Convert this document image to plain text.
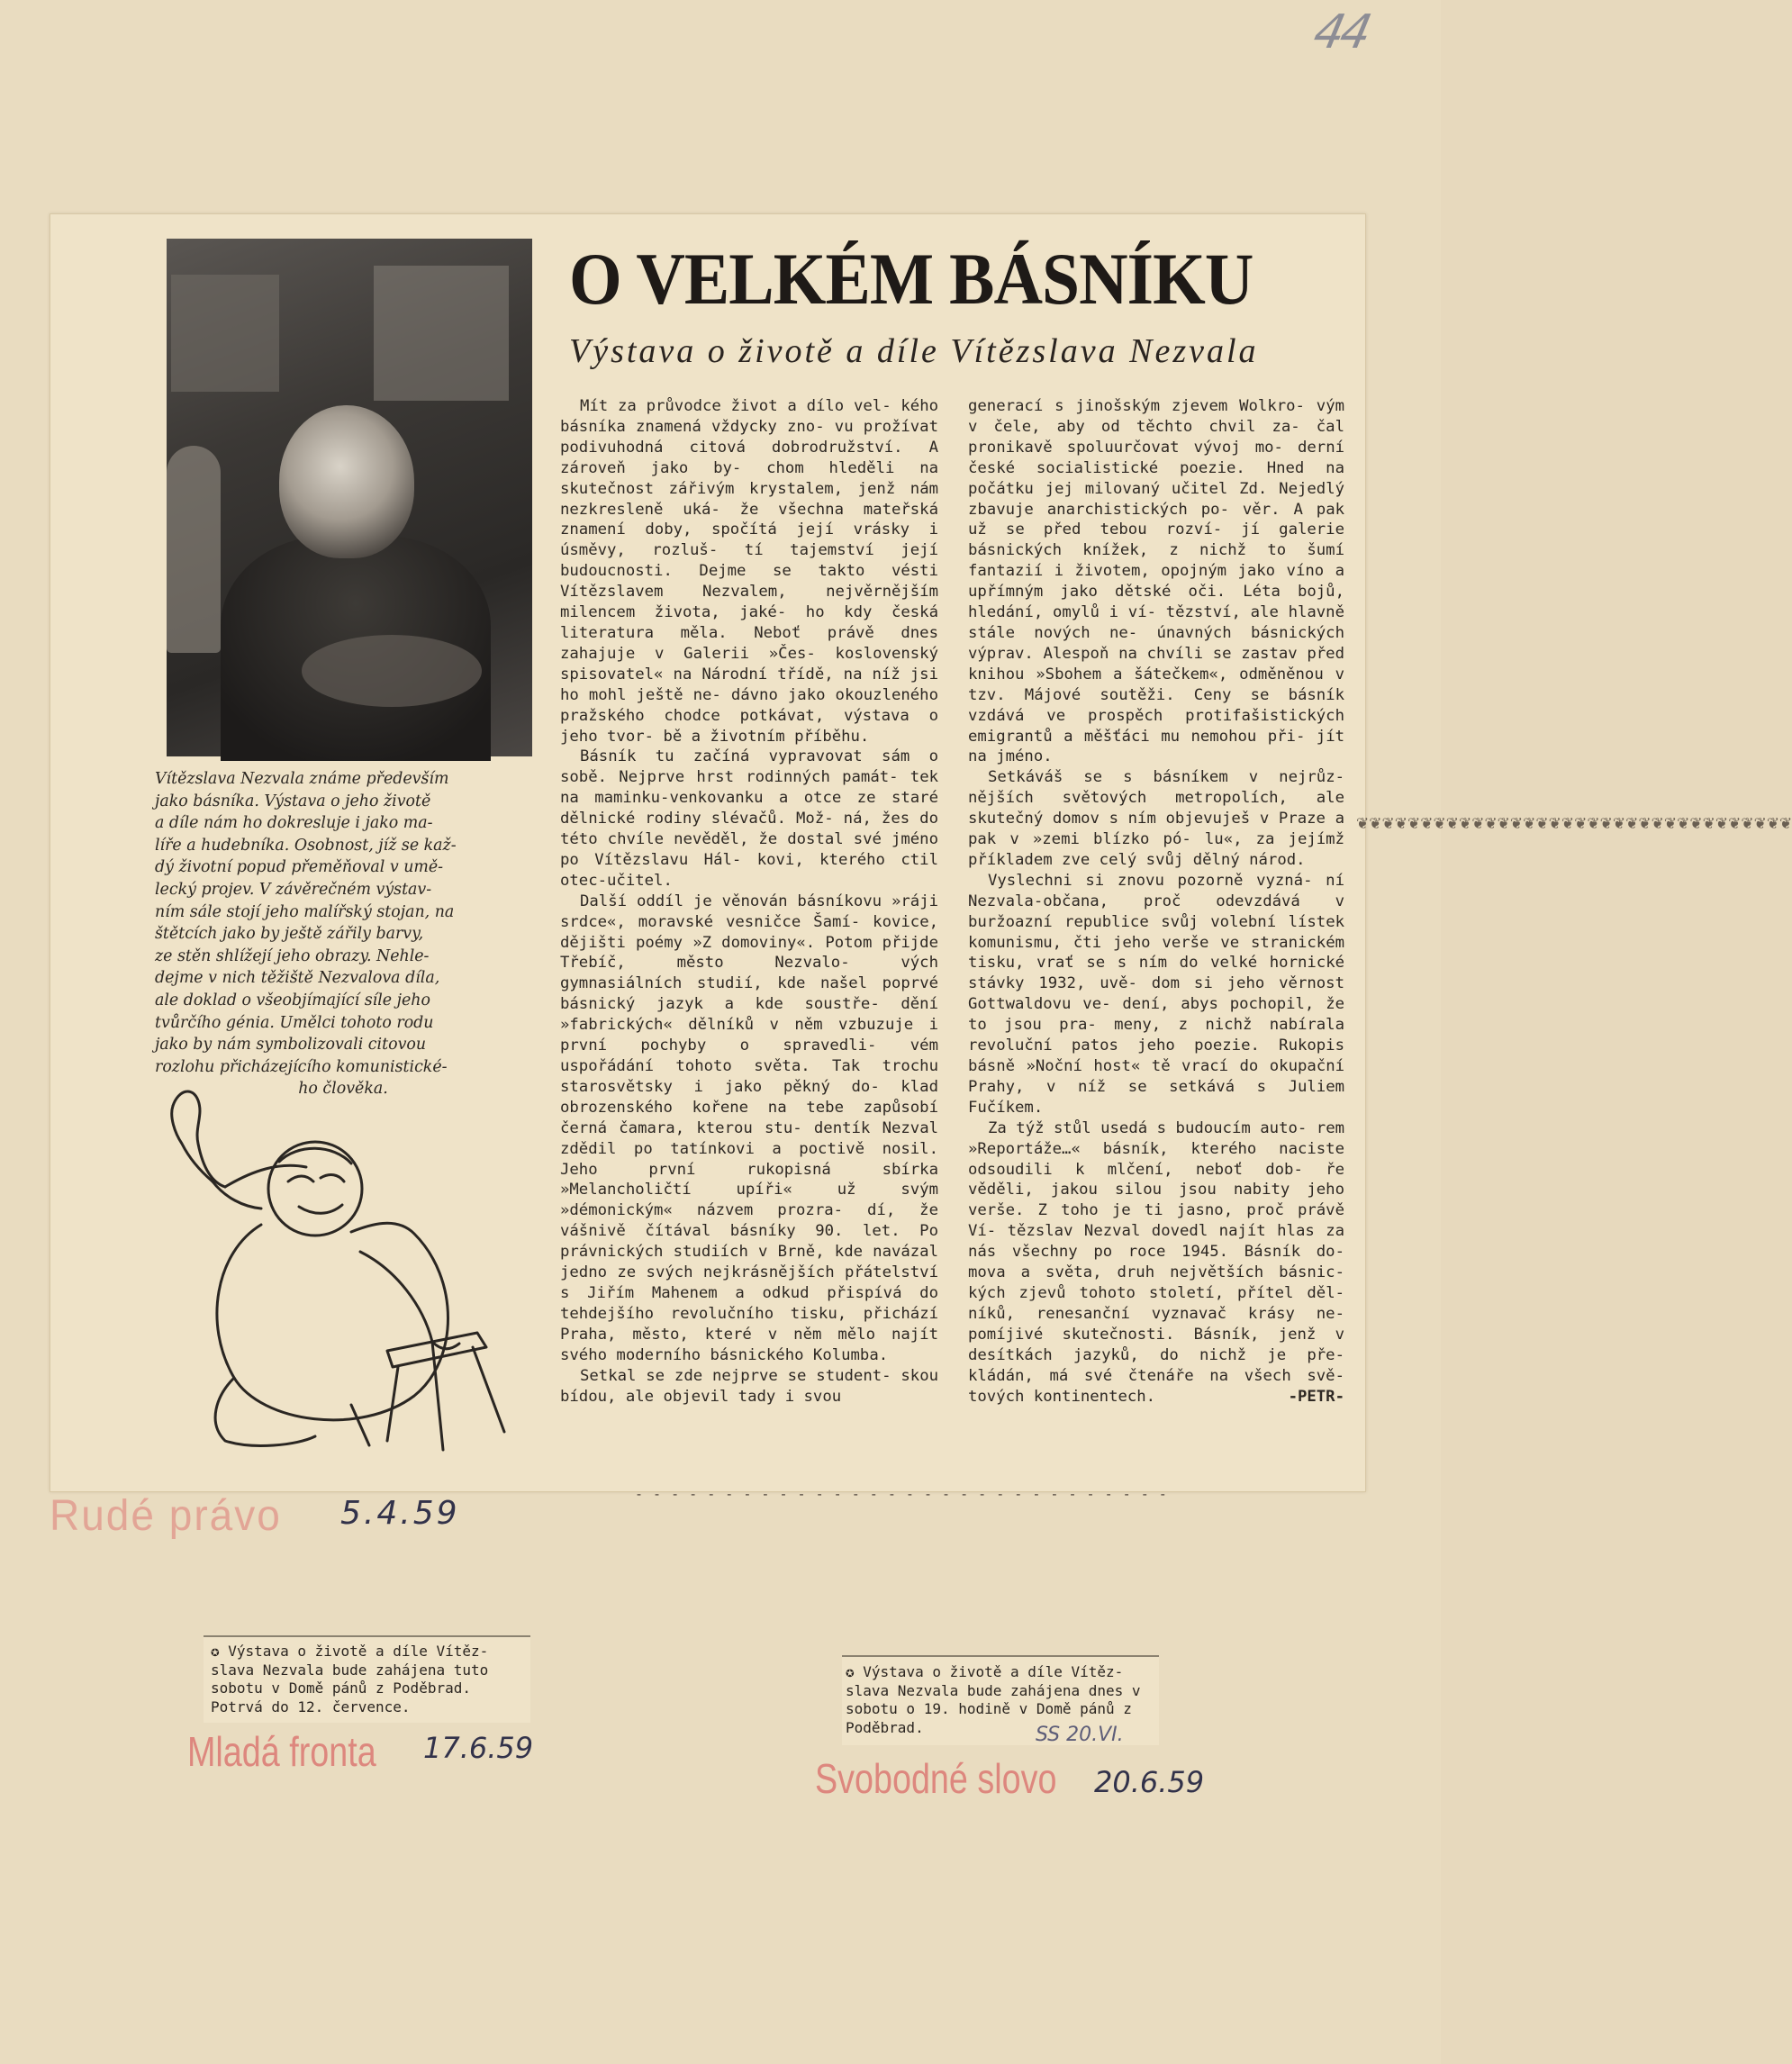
44
Vítězslava Nezvala známe především
jako básníka. Výstava o jeho životě
a díle nám ho dokresluje i jako ma-
líře a hudebníka. Osobnost, jíž se kaž-
dý životní popud přeměňoval v umě-
lecký projev. V závěrečném výstav-
ním sále stojí jeho malířský stojan, na
štětcích jako by ještě zářily barvy,
ze stěn shlížejí jeho obrazy. Nehle-
dejme v nich těžiště Nezvalova díla,
ale doklad o všeobjímající síle jeho
tvůrčího génia. Umělci tohoto rodu
jako by nám symbolizovali citovou
rozlohu přicházejícího komunistické-
ho člověka.
O VELKÉM BÁSNÍKU
Výstava o životě a díle Vítězslava Nezvala

Mít za průvodce život a dílo vel- kého básníka znamená vždycky zno- vu prožívat podivuhodná citová dobrodružství. A zároveň jako by- chom hleděli na skutečnost zářivým krystalem, jenž nám nezkresleně uká- že všechna mateřská znamení doby, spočítá její vrásky i úsměvy, rozluš- tí tajemství její budoucnosti. Dejme se takto vésti Vítězslavem Nezvalem, nejvěrnějším milencem života, jaké- ho kdy česká literatura měla. Neboť právě dnes zahajuje v Galerii »Čes- koslovenský spisovatel« na Národní třídě, na níž jsi ho mohl ještě ne- dávno jako okouzleného pražského chodce potkávat, výstava o jeho tvor- bě a životním příběhu.

Básník tu začíná vypravovat sám o sobě. Nejprve hrst rodinných památ- tek na maminku-venkovanku a otce ze staré dělnické rodiny slévačů. Mož- ná, žes do této chvíle nevěděl, že dostal své jméno po Vítězslavu Hál- kovi, kterého ctil otec-učitel.

Další oddíl je věnován básníkovu »ráji srdce«, moravské vesničce Šamí- kovice, dějišti poémy »Z domoviny«. Potom přijde Třebíč, město Nezvalo- vých gymnasiálních studií, kde našel poprvé básnický jazyk a kde soustře- dění »fabrických« dělníků v něm vzbuzuje i první pochyby o spravedli- vém uspořádání tohoto světa. Tak trochu starosvětsky i jako pěkný do- klad obrozenského kořene na tebe zapůsobí černá čamara, kterou stu- dentík Nezval zdědil po tatínkovi a poctivě nosil. Jeho první rukopisná sbírka »Melancholičtí upíři« už svým »démonickým« názvem prozra- dí, že vášnivě čítával básníky 90. let. Po právnických studiích v Brně, kde navázal jedno ze svých nejkrásnějších přátelství s Jiřím Mahenem a odkud přispívá do tehdejšího revolučního tisku, přichází Praha, město, které v něm mělo najít svého moderního básnického Kolumba.

Setkal se zde nejprve se student- skou bídou, ale objevil tady i svou

generací s jinošským zjevem Wolkro- vým v čele, aby od těchto chvil za- čal pronikavě spoluurčovat vývoj mo- derní české socialistické poezie. Hned na počátku jej milovaný učitel Zd. Nejedlý zbavuje anarchistických po- věr. A pak už se před tebou rozví- jí galerie básnických knížek, z nichž to šumí fantazií i životem, opojným jako víno a upřímným jako dětské oči. Léta bojů, hledání, omylů i ví- tězství, ale hlavně stále nových ne- únavných básnických výprav. Alespoň na chvíli se zastav před knihou »Sbohem a šátečkem«, odměněnou v tzv. Májové soutěži. Ceny se básník vzdává ve prospěch protifašistických emigrantů a měšťáci mu nemohou při- jít na jméno.

Setkáváš se s básníkem v nejrůz- nějších světových metropolích, ale skutečný domov s ním objevuješ v Praze a pak v »zemi blízko pó- lu«, za jejímž příkladem zve celý svůj dělný národ.

Vyslechni si znovu pozorně vyzná- ní Nezvala-občana, proč odevzdává v buržoazní republice svůj volební lístek komunismu, čti jeho verše ve stranickém tisku, vrať se s ním do velké hornické stávky 1932, uvě- dom si jeho věrnost Gottwaldovu ve- dení, abys pochopil, že to jsou pra- meny, z nichž nabírala revoluční patos jeho poezie. Rukopis básně »Noční host« tě vrací do okupační Prahy, v níž se setkává s Juliem Fučíkem.

Za týž stůl usedá s budoucím auto- rem »Reportáže…« básník, kterého naciste odsoudili k mlčení, neboť dob- ře věděli, jakou silou jsou nabity jeho verše. Z toho je ti jasno, proč právě Ví- tězslav Nezval dovedl najít hlas za nás všechny po roce 1945. Básník do- mova a světa, druh největších básnic- kých zjevů tohoto století, přítel děl- níků, renesanční vyznavač krásy ne- pomíjivé skutečnosti. Básník, jenž v desítkách jazyků, do nichž je pře- kládán, má své čtenáře na všech svě- tových kontinentech.	-PETR-

❦❦❦❦❦❦❦❦❦❦❦❦❦❦❦❦❦❦❦❦❦❦❦❦❦❦❦❦❦❦❦❦❦❦
- - - - - - - - - - - - - - - - - - - - - - - - - - - - - -
Rudé právo 5.4.59
✪ Výstava o životě a díle Vítěz- slava Nezvala bude zahájena tuto sobotu v Domě pánů z Poděbrad. Potrvá do 12. července.
Mladá fronta 17.6.59
✪ Výstava o životě a díle Vítěz- slava Nezvala bude zahájena dnes v sobotu o 19. hodině v Domě pánů z Poděbrad.	SS 20.VI.
Svobodné slovo 20.6.59
